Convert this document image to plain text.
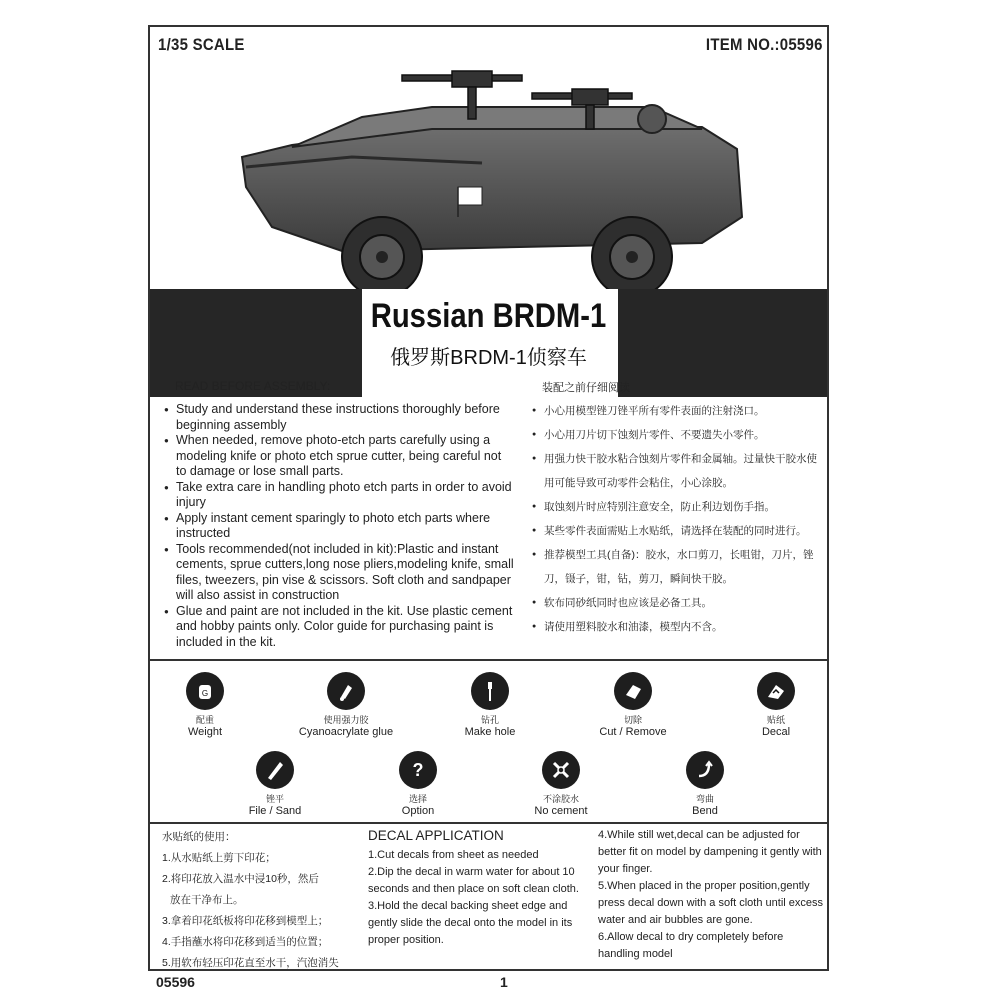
1/35 SCALE	ITEM NO.:05596
Russian BRDM-1
俄罗斯BRDM-1侦察车
READ BEFORE ASSEMBLY:
● Study and understand these instructions thoroughly before beginning assembly
● When needed, remove photo-etch parts carefully using a modeling knife or photo etch sprue cutter, being careful not to damage or lose small parts.
● Take extra care in handling photo etch parts in order to avoid injury
● Apply instant cement sparingly to photo etch parts where instructed
● Tools recommended(not included in kit):Plastic and instant cements, sprue cutters,long nose pliers,modeling knife, small files, tweezers, pin vise & scissors. Soft cloth and sandpaper will also assist in construction
● Glue and paint are not included in the kit. Use plastic cement and hobby paints only. Color guide for purchasing paint is included in the kit.
装配之前仔细阅读
● 小心用模型锉刀锉平所有零件表面的注射浇口。
● 小心用刀片切下蚀刻片零件、不要遗失小零件。
● 用强力快干胶水粘合蚀刻片零件和金属轴。过量快干胶水使用可能导致可动零件会粘住，小心涂胶。
● 取蚀刻片时应特别注意安全，防止利边划伤手指。
● 某些零件表面需贴上水贴纸，请选择在装配的同时进行。
● 推荐模型工具(自备)：胶水，水口剪刀，长咀钳，刀片，锉刀，镊子，钳，钻，剪刀，瞬间快干胶。
● 软布同砂纸同时也应该是必备工具。
● 请使用塑料胶水和油漆，模型内不含。
G
配重
Weight
使用强力胶
Cyanoacrylate glue
钻孔
Make hole
切除
Cut / Remove
贴纸
Decal
锉平
File / Sand
?
选择
Option
不涂胶水
No cement
弯曲
Bend
水贴纸的使用：
1.从水贴纸上剪下印花；
2.将印花放入温水中浸10秒，然后
放在干净布上。
3.拿着印花纸板将印花移到模型上；
4.手指蘸水将印花移到适当的位置；
5.用软布轻压印花直至水干，汽泡消失
DECAL APPLICATION
1.Cut decals from sheet as needed
2.Dip the decal in warm water for about 10 seconds and then place on soft clean cloth.
3.Hold the decal backing sheet edge and gently slide the decal onto the model in its proper position.
4.While still wet,decal can be adjusted for better fit on model by dampening it gently with your finger.
5.When placed in the proper position,gently press decal down with a soft cloth until excess water and air bubbles are gone.
6.Allow decal to dry completely before handling model
05596	1
